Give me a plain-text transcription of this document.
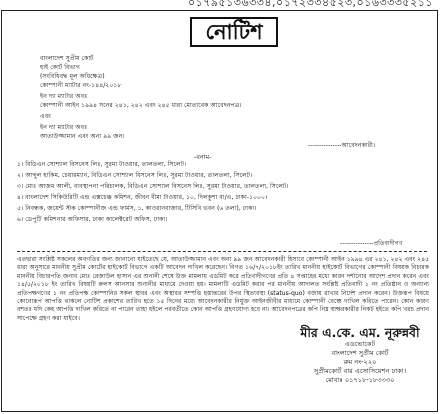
০১৭৯৫১৩৬৩৩৪,০১৭২৩৩৪৫২৩,০১৬৩৩৩৫২১১
নোটিশ
বাংলাদেশ সুপ্রীম কোর্ট
হাই কোর্ট বিভাগ
(সংবিধিবদ্ধ মূল অধিক্ষেত্র)
কোম্পানী ম্যাটার নং-১৪৪/২০১৮
ইন দ্যা ম্যাটার অবঃ
কোম্পানী আইন ১৯৯৪ সনের ২৪১, ২৪২ এবং ২৪৫ ধারা মোতাবেক আবেদনপত্র।
এবং
ইন দ্যা ম্যাটার অবঃ
আতাউজ্জামান এবং অন্য ৯৯ জন।
---------------আবেদনকারী।
-বনাম-
১। বিডিএন সোশ্যাল বিসনেস লিঃ, সুরমা টাওয়ার, তালতলা, সিলেট।
২। আব্দুল হাকিম, চেয়ারম্যান, বিডিএন সোশ্যাল বিসনেস লিঃ, সুরমা টাওয়ার, তালতলা, সিলেট।
৩। মোঃ আজম আলী, ব্যবস্থাপনা পরিচালক, বিডিএন সোশ্যাল বিসনেস লিঃ, সুরমা টাওয়ার, তালতলা, সিলেট।
৪। বাংলাদেশ সিকিউরিটি এন্ড এক্সচেঞ্জ কমিশন, জীবন বীমা টাওয়ার, ১০, দিলকুশা বা/এ, ঢাকা-১০০০।
৫। নিবন্ধক, জয়েন্ট স্টক কোম্পানীজ এন্ড ফার্মস, ১, কাওরানবাজার, টিসিবি ভবন (৬ তলা), ঢাকা।
৬। ডেপুটি কমিশনার অফিসার, ঢাকা কালেক্টরেট অফিস, ঢাকা।
---------------প্রতিবাদীগণ
এতদ্বারা সংশ্লিষ্ট সকলের অবগতির জন্য জানানো যাইতেছে যে, আতাউজ্জামান এবং অন্য ৯৯ জন আবেদনকারী হিসাবে কোম্পানী আইন ১৯৯৪ এর ২৪১, ২৪২ এবং ২৪৫ ধারা অনুসারে মাননীয় সুপ্রীম কোর্টের হাইকোর্ট বিভাগে একটি আবেদন দাখিল করেছেন। বিগত ১৬/৭/২০১৮ইং তারিখ মাননীয় হাইকোর্ট বিভাগের কোম্পানী বিষয়ক বিচারক মাননীয় বিচারপতি জনাব মোঃ রেজাউল হাসান এর শুনানী শেষে উক্ত মামলায় এডমিট করে প্রতিবাদীগণের প্রতি ৪ সপ্তাহের মধ্যে কারন দর্শানোর আদেশ প্রদান করেন এবং ১৪/৫/২০১৮ ইং তারিখ বিষয়টি রুলস আনসার শুনানীর মাধ্যমে দেওয়া হয়। মামলাটি এডমিট করার পর মাননীয় আদালত সংশ্লিষ্ট প্রতিবাদী ১ নং প্রতিষ্ঠান ও অন্যান্য প্রতিপক্ষগণের ১ নং প্রতিপক্ষ কোম্পানির সকল স্থাবর এবং অস্থাবর সম্পত্তি হস্তান্তরের উপর স্থিতাবস্থা (status-quo) বজায় রাখার নির্দেশ প্রদান করেন। উক্তরূপ বিষয়ে কোনোরূপ আপত্তি থাকলে নোটিশ প্রকাশের তারিখ হতে ১৫ দিনের মধ্যে আবেদনকারীর নিযুক্ত আইনজীবীর মাধ্যমে কোম্পানী বেঞ্চে দাখিল করিতে পারেন। কোন কারণ বশতঃ যদি কেহ আপত্তি দাখিল করিতে না পারেন তাহা হইলে পরবর্তীতে কোন আপত্তি গ্রহণযোগ্য হবে না। আবেদনপত্রের কপি নিম্ন স্বাক্ষরকারীর নিকট হইতে কপি খরচ প্রদান সাপেক্ষে গ্রহণ করা যাইবে।
মীর এ.কে. এম. নূরুন্নবী
এডভোকেট
বাংলাদেশ সুপ্রীম কোর্ট
রুম নং-২২০
সুপ্রীমকোর্ট বার এসোসিয়েশন ঢাকা।
মোবাঃ ০১৭১৮-১৮৩৩৩০
